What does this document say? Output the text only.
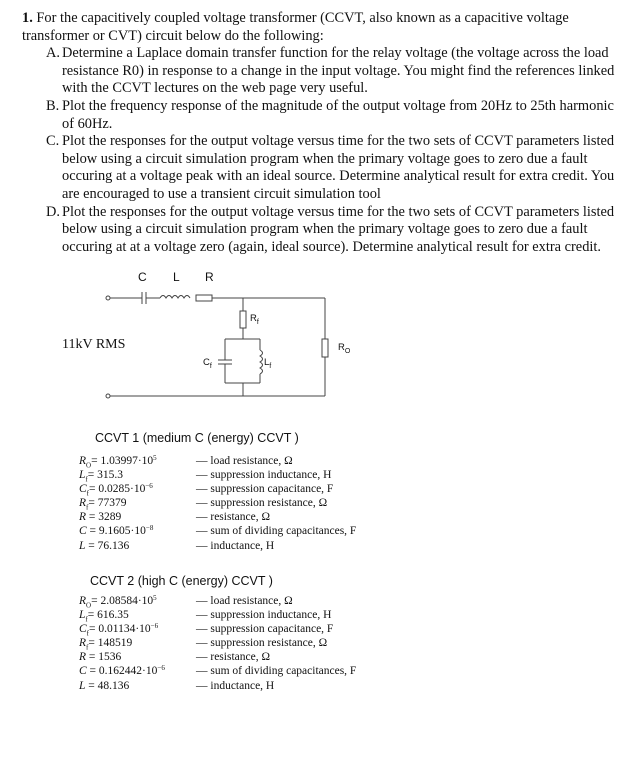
1. For the capacitively coupled voltage transformer (CCVT, also known as a capacitive voltage transformer or CVT) circuit below do the following:
A. Determine a Laplace domain transfer function for the relay voltage (the voltage across the load resistance R0) in response to a change in the input voltage. You might find the references linked with the CCVT lectures on the web page very useful.
B. Plot the frequency response of the magnitude of the output voltage from 20Hz to 25th harmonic of 60Hz.
C. Plot the responses for the output voltage versus time for the two sets of CCVT parameters listed below using a circuit simulation program when the primary voltage goes to zero due a fault occuring at a voltage peak with an ideal source. Determine analytical result for extra credit. You are encouraged to use a transient circuit simulation tool
D. Plot the responses for the output voltage versus time for the two sets of CCVT parameters listed below using a circuit simulation program when the primary voltage goes to zero due a fault occuring at at a voltage zero (again, ideal source). Determine analytical result for extra credit.
C L R
11kV RMS
$R_f$
$R_O$
$C_f$	$L_f$
CCVT 1 (medium C (energy) CCVT )
$R_O= 1.03997\cdot 10^5$	— load resistance, Ω
$L_f= 315.3$	— suppression inductance, H
$C_f= 0.0285\cdot 10^{-6}$	— suppression capacitance, F
$R_f= 77379$	— suppression resistance, Ω
R = 3289	— resistance, Ω
$C = 9.1605\cdot 10^{-8}$	— sum of dividing capacitances, F
L = 76.136	— inductance, H
CCVT 2 (high C (energy) CCVT )
$R_O= 2.08584\cdot 10^5$	— load resistance, Ω
$L_f= 616.35$	— suppression inductance, H
$C_f= 0.01134\cdot 10^{-6}$	— suppression capacitance, F
$R_f= 148519$	— suppression resistance, Ω
R = 1536	— resistance, Ω
$C = 0.162442\cdot 10^{-6}$	— sum of dividing capacitances, F
L = 48.136	— inductance, H
